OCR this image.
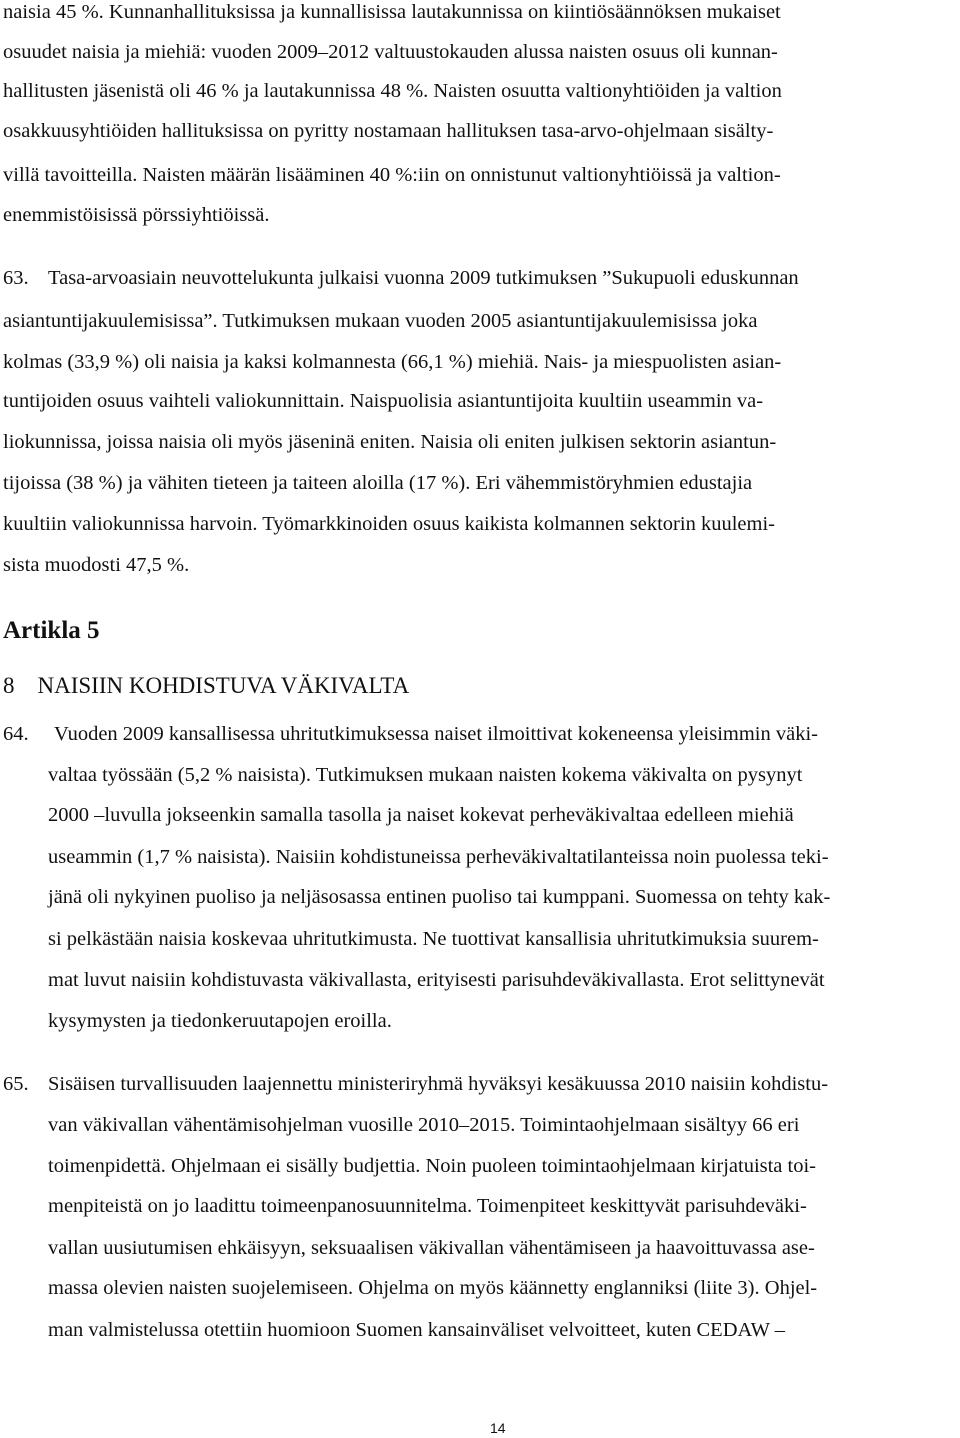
naisia 45 %. Kunnanhallituksissa ja kunnallisissa lautakunnissa on kiintiösäännöksen mukaiset
osuudet naisia ja miehiä: vuoden 2009–2012 valtuustokauden alussa naisten osuus oli kunnan-
hallitusten jäsenistä oli 46 % ja lautakunnissa 48 %. Naisten osuutta valtionyhtiöiden ja valtion
osakkuusyhtiöiden hallituksissa on pyritty nostamaan hallituksen tasa-arvo-ohjelmaan sisälty-
villä tavoitteilla. Naisten määrän lisääminen 40 %:iin on onnistunut valtionyhtiöissä ja valtion-
enemmistöisissä pörssiyhtiöissä.
63. Tasa-arvoasiain neuvottelukunta julkaisi vuonna 2009 tutkimuksen ”Sukupuoli eduskunnan
asiantuntijakuulemisissa”. Tutkimuksen mukaan vuoden 2005 asiantuntijakuulemisissa joka
kolmas (33,9 %) oli naisia ja kaksi kolmannesta (66,1 %) miehiä. Nais- ja miespuolisten asian-
tuntijoiden osuus vaihteli valiokunnittain. Naispuolisia asiantuntijoita kuultiin useammin va-
liokunnissa, joissa naisia oli myös jäseninä eniten. Naisia oli eniten julkisen sektorin asiantun-
tijoissa (38 %) ja vähiten tieteen ja taiteen aloilla (17 %). Eri vähemmistöryhmien edustajia
kuultiin valiokunnissa harvoin. Työmarkkinoiden osuus kaikista kolmannen sektorin kuulemi-
sista muodosti 47,5 %.
Artikla 5
8    NAISIIN KOHDISTUVA VÄKIVALTA
64. Vuoden 2009 kansallisessa uhritutkimuksessa naiset ilmoittivat kokeneensa yleisimmin väki-
valtaa työssään (5,2 % naisista). Tutkimuksen mukaan naisten kokema väkivalta on pysynyt
2000 –luvulla jokseenkin samalla tasolla ja naiset kokevat perheväkivaltaa edelleen miehiä
useammin (1,7 % naisista). Naisiin kohdistuneissa perheväkivaltatilanteissa noin puolessa teki-
jänä oli nykyinen puoliso ja neljäsosassa entinen puoliso tai kumppani. Suomessa on tehty kak-
si pelkästään naisia koskevaa uhritutkimusta. Ne tuottivat kansallisia uhritutkimuksia suurem-
mat luvut naisiin kohdistuvasta väkivallasta, erityisesti parisuhdeväkivallasta. Erot selittynevät
kysymysten ja tiedonkeruutapojen eroilla.
65. Sisäisen turvallisuuden laajennettu ministeriryhmä hyväksyi kesäkuussa 2010 naisiin kohdistu-
van väkivallan vähentämisohjelman vuosille 2010–2015. Toimintaohjelmaan sisältyy 66 eri
toimenpidettä. Ohjelmaan ei sisälly budjettia. Noin puoleen toimintaohjelmaan kirjatuista toi-
menpiteistä on jo laadittu toimeenpanosuunnitelma. Toimenpiteet keskittyvät parisuhdeväki-
vallan uusiutumisen ehkäisyyn, seksuaalisen väkivallan vähentämiseen ja haavoittuvassa ase-
massa olevien naisten suojelemiseen. Ohjelma on myös käännetty englanniksi (liite 3). Ohjel-
man valmistelussa otettiin huomioon Suomen kansainväliset velvoitteet, kuten CEDAW –
14
